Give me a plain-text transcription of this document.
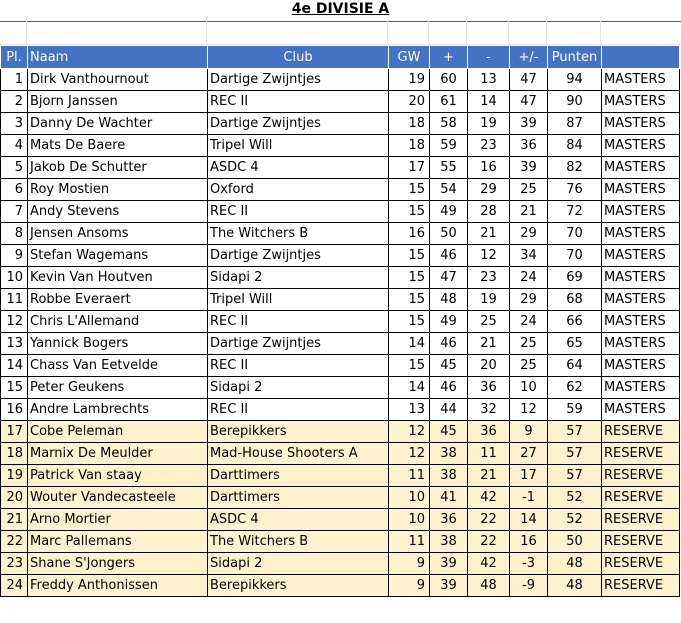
4e DIVISIE A
Pl.	Naam	Club	GW	+	-	+/-	Punten	
1	Dirk Vanthournout	Dartige Zwijntjes	19	60	13	47	94	MASTERS
2	Bjorn Janssen	REC II	20	61	14	47	90	MASTERS
3	Danny De Wachter	Dartige Zwijntjes	18	58	19	39	87	MASTERS
4	Mats De Baere	Tripel Will	18	59	23	36	84	MASTERS
5	Jakob De Schutter	ASDC 4	17	55	16	39	82	MASTERS
6	Roy Mostien	Oxford	15	54	29	25	76	MASTERS
7	Andy Stevens	REC II	15	49	28	21	72	MASTERS
8	Jensen Ansoms	The Witchers B	16	50	21	29	70	MASTERS
9	Stefan Wagemans	Dartige Zwijntjes	15	46	12	34	70	MASTERS
10	Kevin Van Houtven	Sidapi 2	15	47	23	24	69	MASTERS
11	Robbe Everaert	Tripel Will	15	48	19	29	68	MASTERS
12	Chris L'Allemand	REC II	15	49	25	24	66	MASTERS
13	Yannick Bogers	Dartige Zwijntjes	14	46	21	25	65	MASTERS
14	Chass Van Eetvelde	REC II	15	45	20	25	64	MASTERS
15	Peter Geukens	Sidapi 2	14	46	36	10	62	MASTERS
16	Andre Lambrechts	REC II	13	44	32	12	59	MASTERS
17	Cobe Peleman	Berepikkers	12	45	36	9	57	RESERVE
18	Marnix De Meulder	Mad-House Shooters A	12	38	11	27	57	RESERVE
19	Patrick Van staay	Darttimers	11	38	21	17	57	RESERVE
20	Wouter Vandecasteele	Darttimers	10	41	42	-1	52	RESERVE
21	Arno Mortier	ASDC 4	10	36	22	14	52	RESERVE
22	Marc Pallemans	The Witchers B	11	38	22	16	50	RESERVE
23	Shane S'Jongers	Sidapi 2	9	39	42	-3	48	RESERVE
24	Freddy Anthonissen	Berepikkers	9	39	48	-9	48	RESERVE
